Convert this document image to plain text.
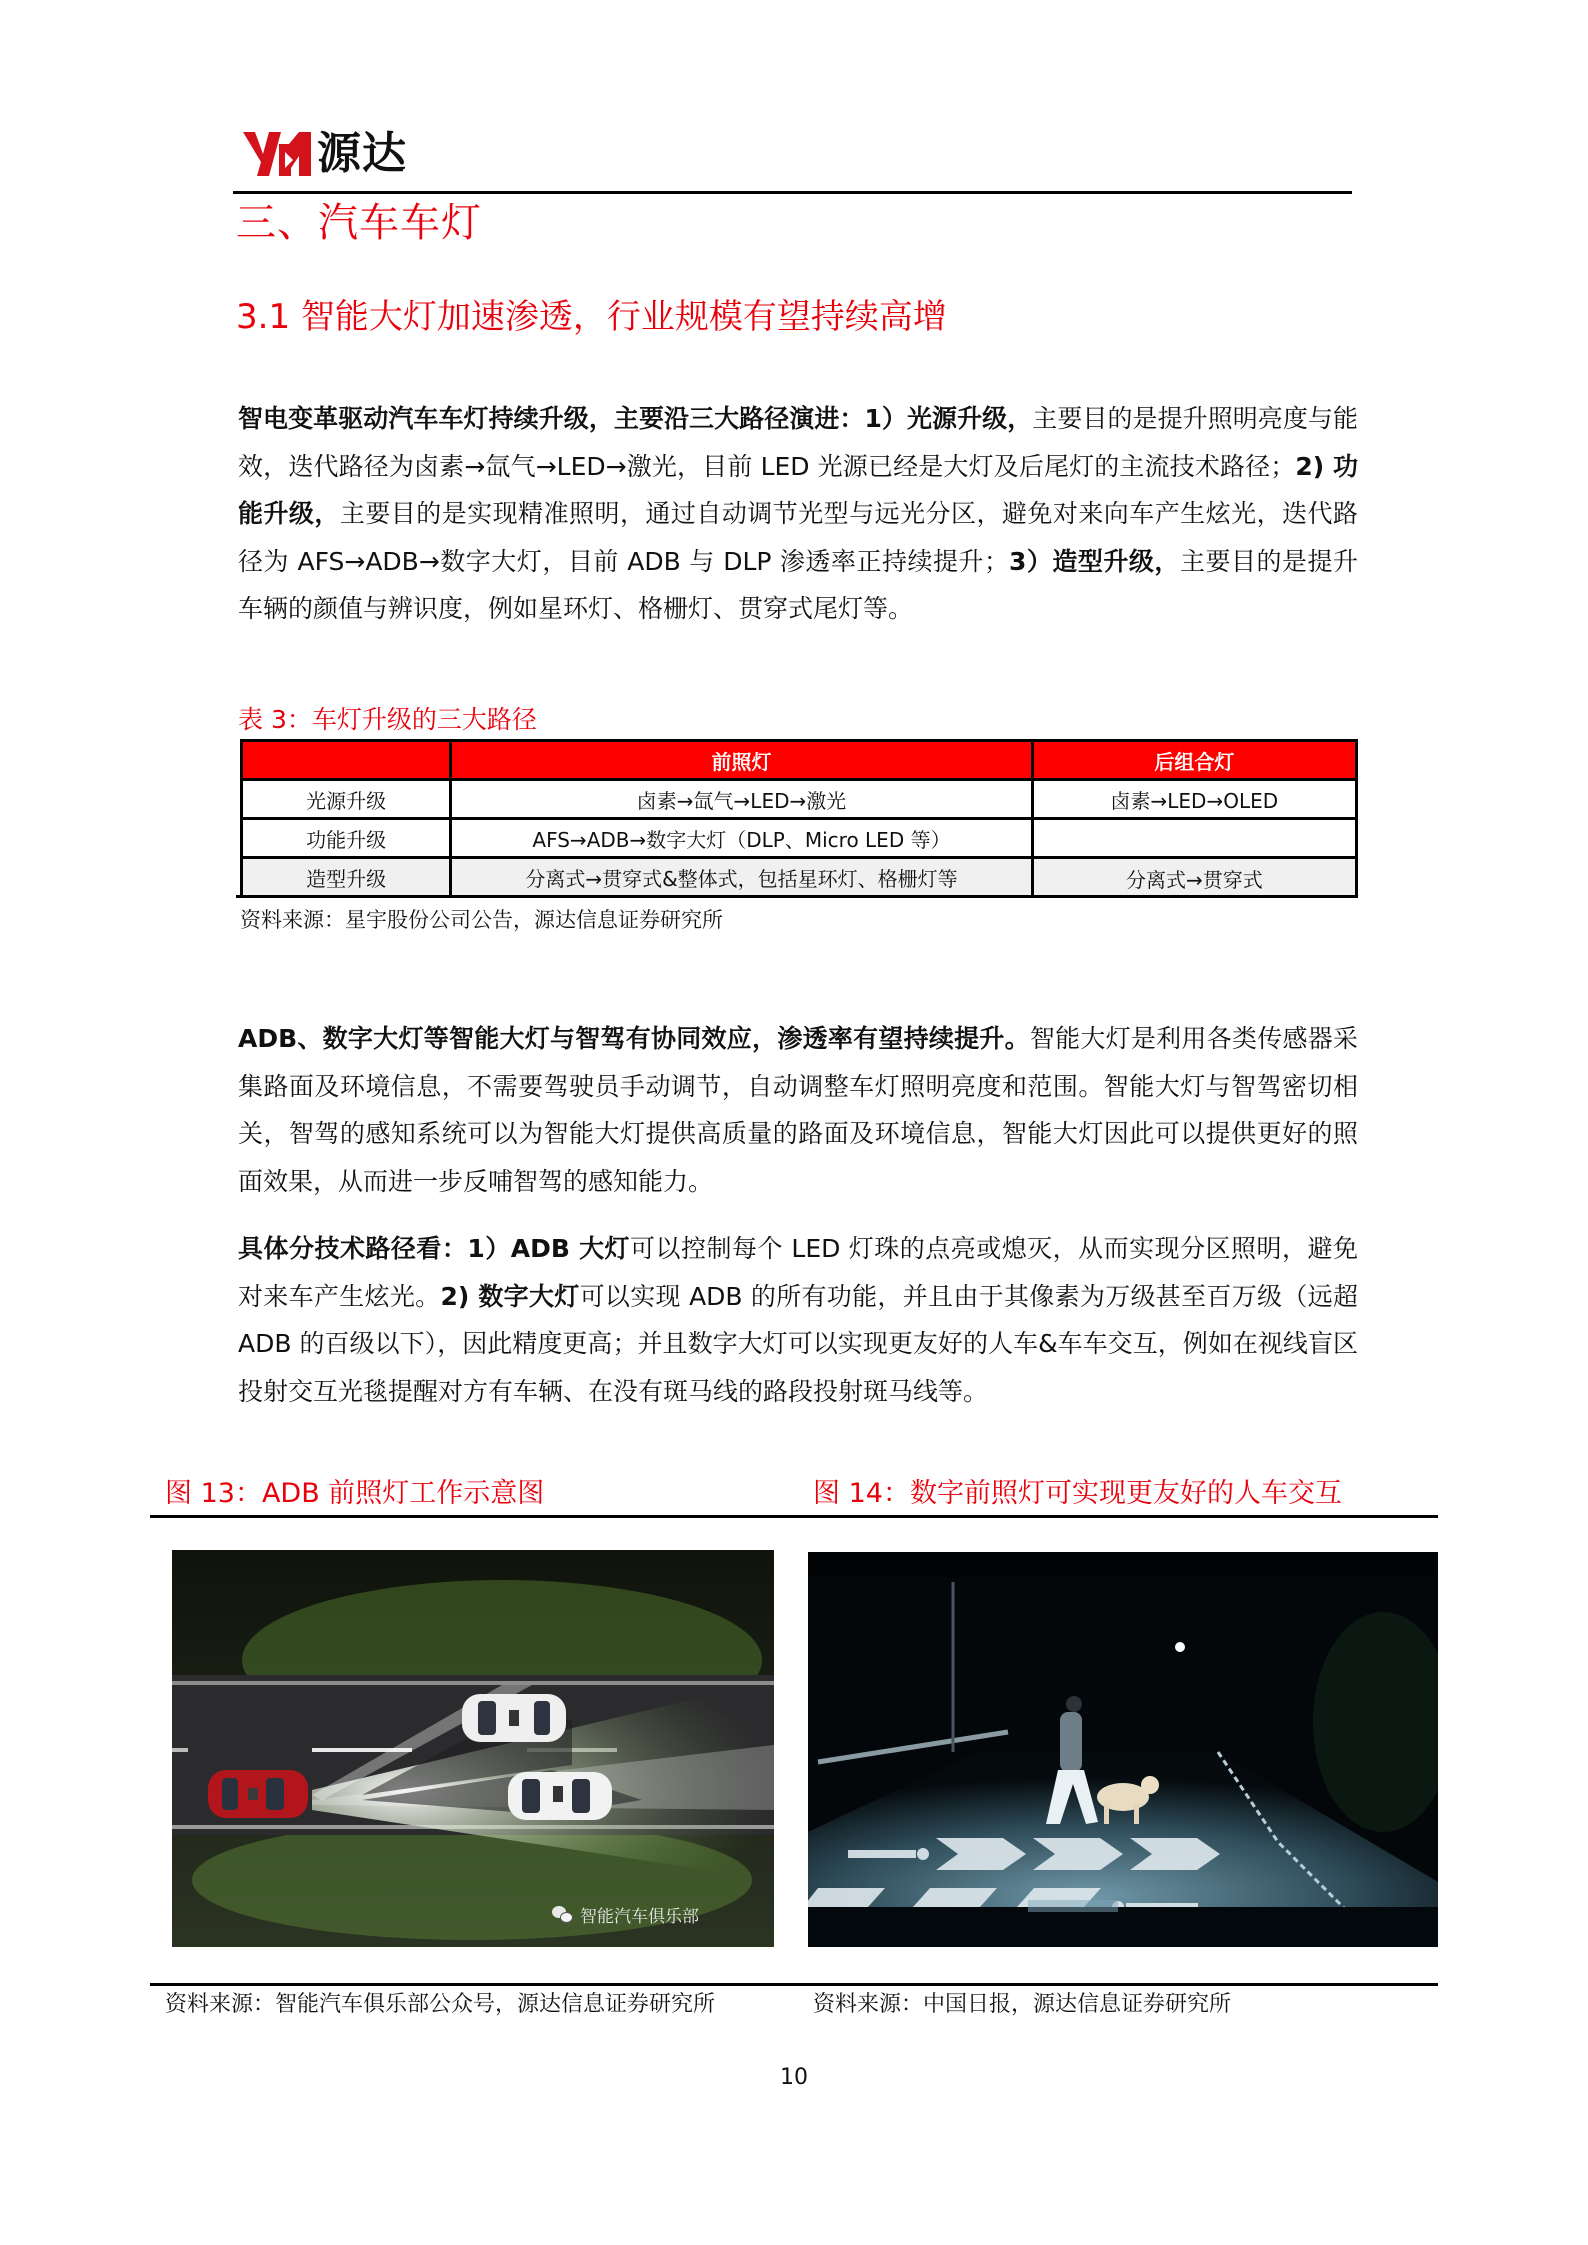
源达
三、汽车车灯
3.1 智能大灯加速渗透，行业规模有望持续高增
智电变革驱动汽车车灯持续升级，主要沿三大路径演进：1）光源升级，主要目的是提升照明亮度与能效，迭代路径为卤素→氙气→LED→激光，目前 LED 光源已经是大灯及后尾灯的主流技术路径；2) 功能升级，主要目的是实现精准照明，通过自动调节光型与远光分区，避免对来向车产生炫光，迭代路径为 AFS→ADB→数字大灯，目前 ADB 与 DLP 渗透率正持续提升；3）造型升级，主要目的是提升车辆的颜值与辨识度，例如星环灯、格栅灯、贯穿式尾灯等。
表 3：车灯升级的三大路径
	前照灯	后组合灯
光源升级	卤素→氙气→LED→激光	卤素→LED→OLED
功能升级	AFS→ADB→数字大灯（DLP、Micro LED 等）	
造型升级	分离式→贯穿式&整体式，包括星环灯、格栅灯等	分离式→贯穿式
资料来源：星宇股份公司公告，源达信息证券研究所
ADB、数字大灯等智能大灯与智驾有协同效应，渗透率有望持续提升。智能大灯是利用各类传感器采集路面及环境信息，不需要驾驶员手动调节，自动调整车灯照明亮度和范围。智能大灯与智驾密切相关，智驾的感知系统可以为智能大灯提供高质量的路面及环境信息，智能大灯因此可以提供更好的照面效果，从而进一步反哺智驾的感知能力。
具体分技术路径看：1）ADB 大灯可以控制每个 LED 灯珠的点亮或熄灭，从而实现分区照明，避免对来车产生炫光。2) 数字大灯可以实现 ADB 的所有功能，并且由于其像素为万级甚至百万级（远超 ADB 的百级以下），因此精度更高；并且数字大灯可以实现更友好的人车&车车交互，例如在视线盲区投射交互光毯提醒对方有车辆、在没有斑马线的路段投射斑马线等。
图 13：ADB 前照灯工作示意图	图 14：数字前照灯可实现更友好的人车交互
智能汽车俱乐部
资料来源：智能汽车俱乐部公众号，源达信息证券研究所	资料来源：中国日报，源达信息证券研究所
10
